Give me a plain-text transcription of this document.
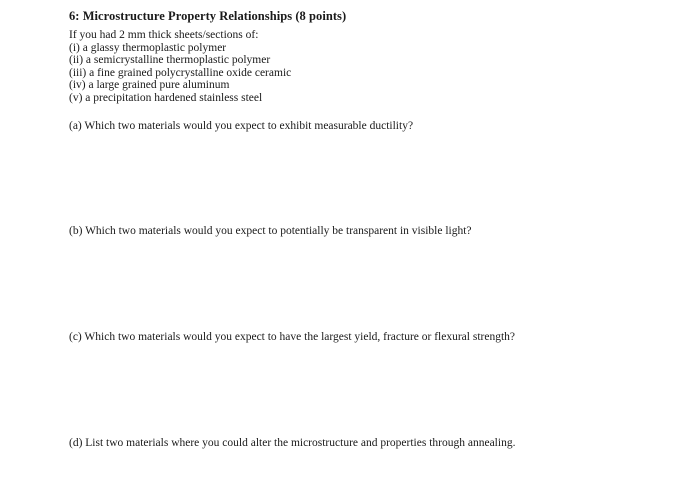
6: Microstructure Property Relationships (8 points)
If you had 2 mm thick sheets/sections of:
(i) a glassy thermoplastic polymer
(ii) a semicrystalline thermoplastic polymer
(iii) a fine grained polycrystalline oxide ceramic
(iv) a large grained pure aluminum
(v) a precipitation hardened stainless steel
(a) Which two materials would you expect to exhibit measurable ductility?
(b) Which two materials would you expect to potentially be transparent in visible light?
(c) Which two materials would you expect to have the largest yield, fracture or flexural strength?
(d) List two materials where you could alter the microstructure and properties through annealing.
